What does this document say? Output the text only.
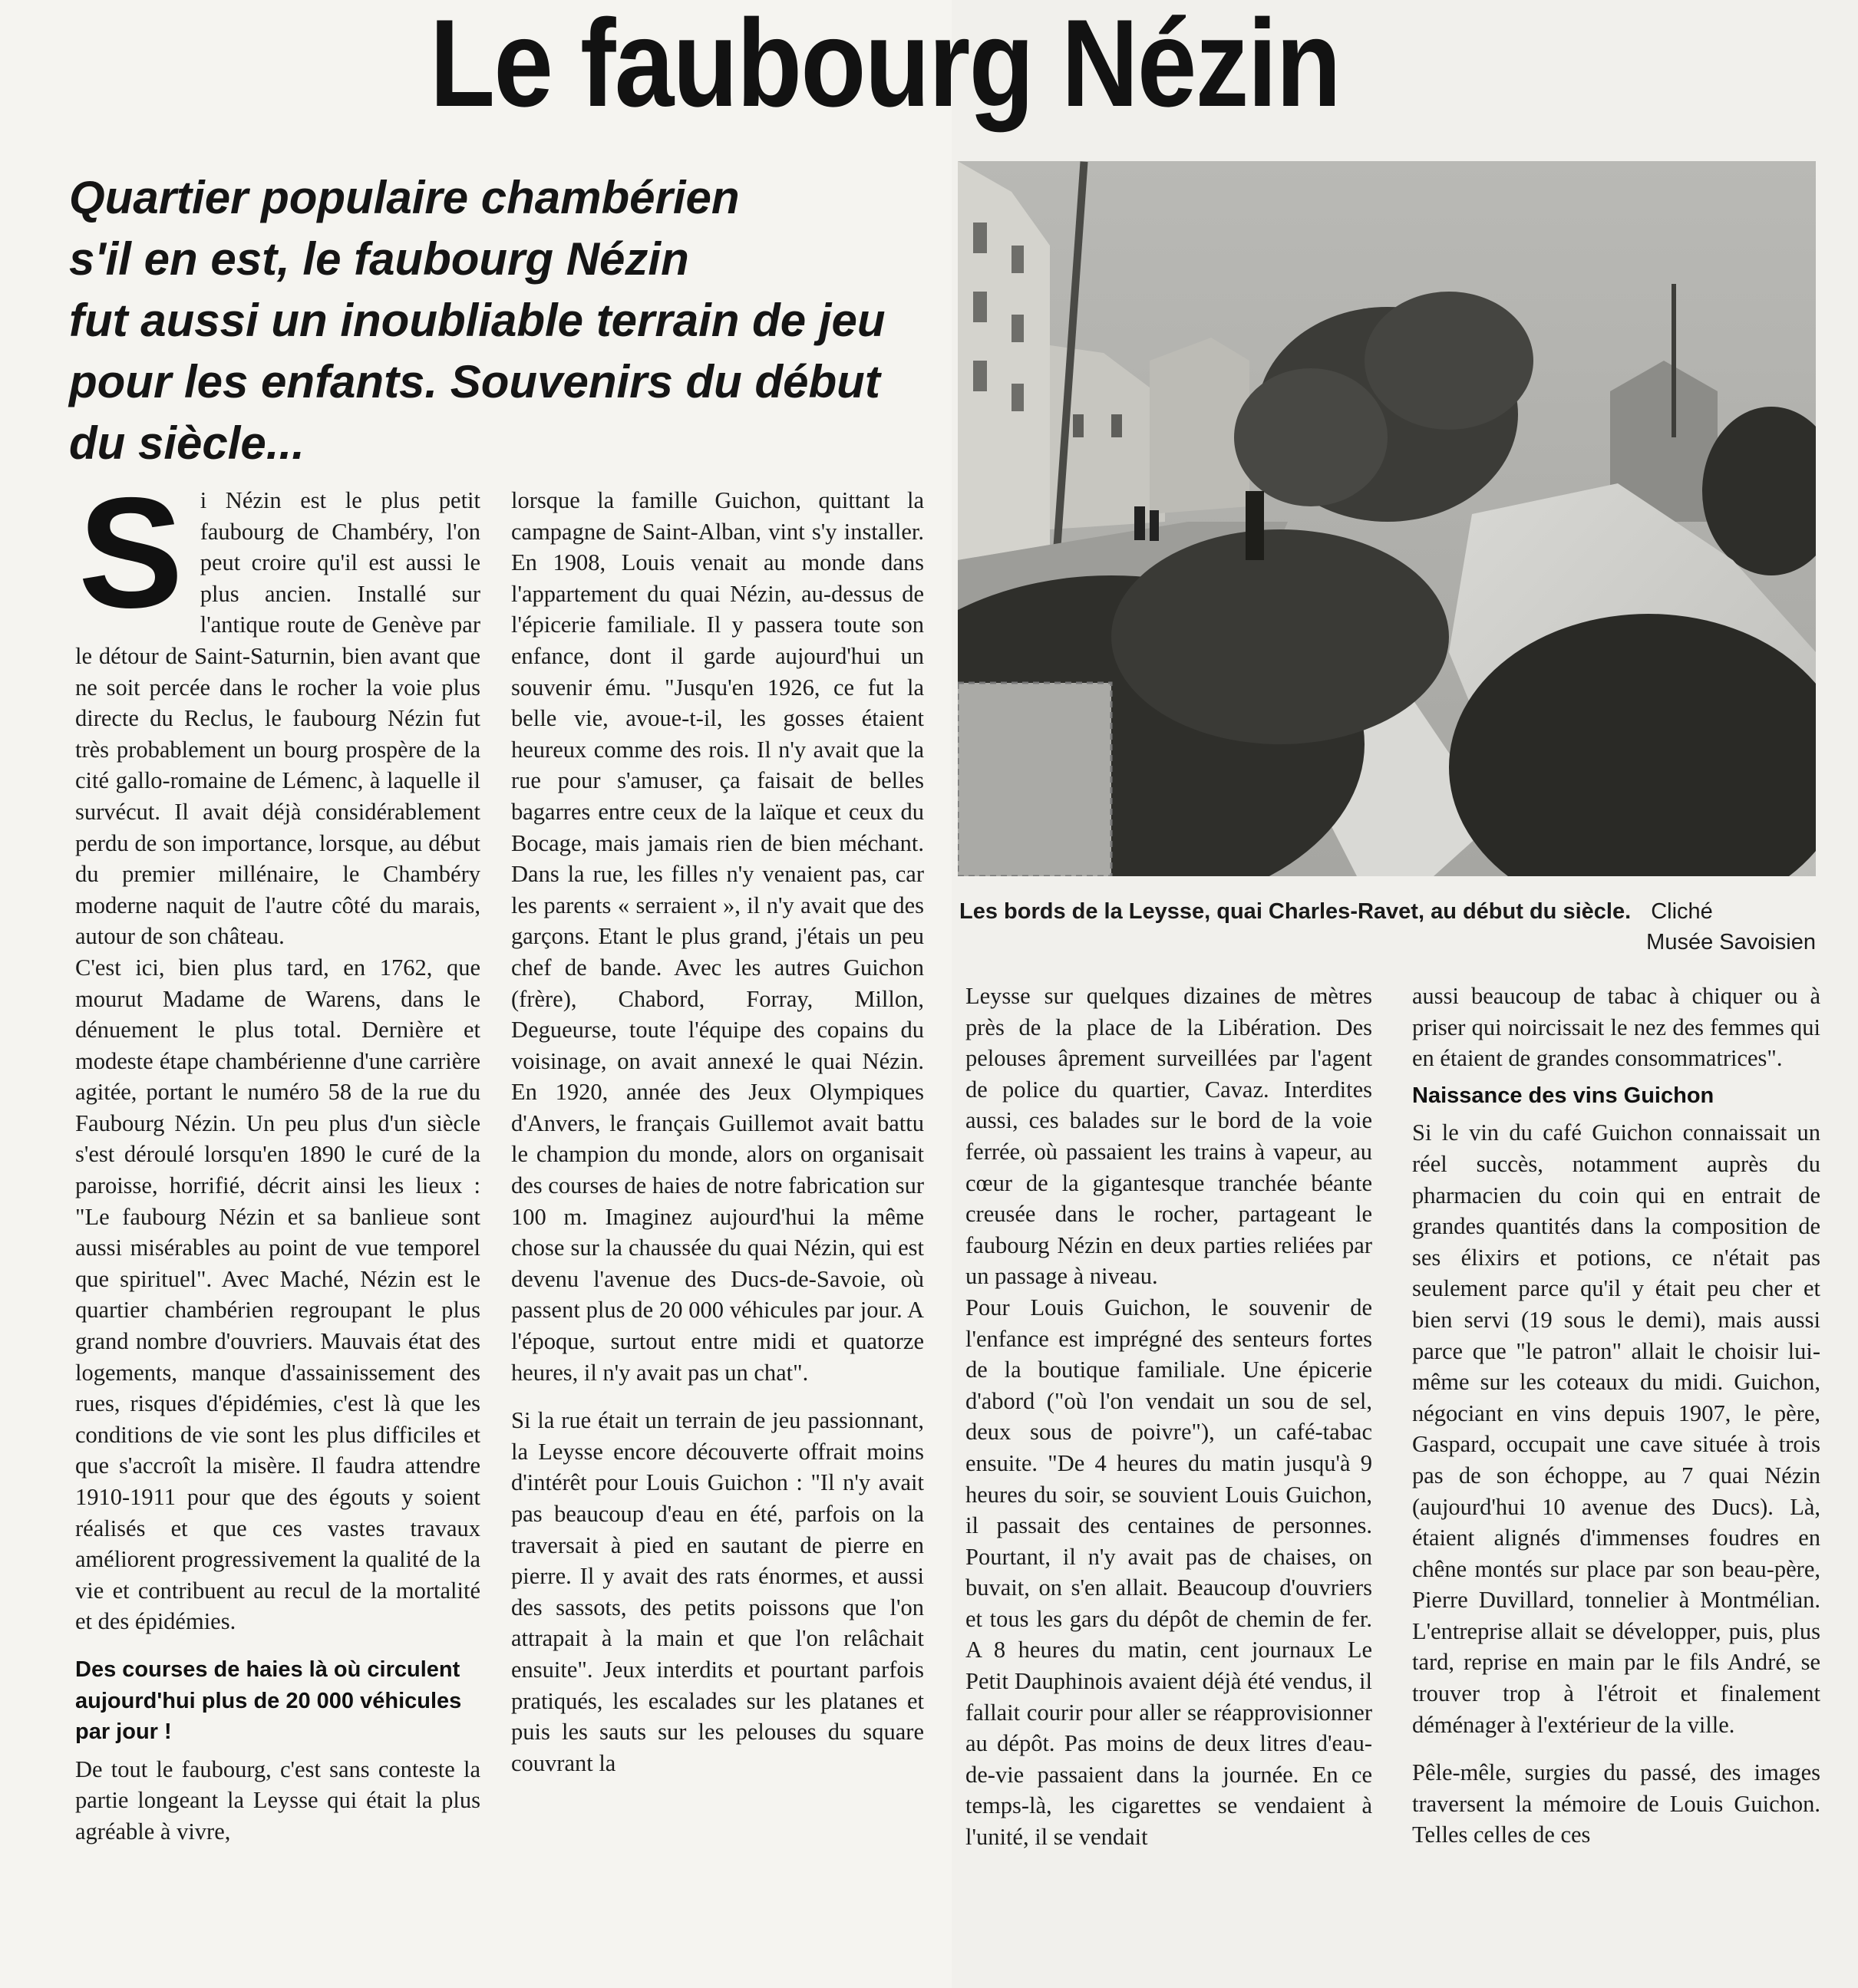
Le faubourg Nézin
Quartier populaire chambérien
s'il en est, le faubourg Nézin
fut aussi un inoubliable terrain de jeu
pour les enfants. Souvenirs du début
du siècle...
Les bords de la Leysse, quai Charles-Ravet, au début du siècle. Cliché
Musée Savoisien
S i Nézin est le plus petit faubourg de Chambéry, l'on peut croire qu'il est aussi le plus ancien. Installé sur l'antique route de Genève par le détour de Saint-Saturnin, bien avant que ne soit percée dans le rocher la voie plus directe du Reclus, le faubourg Nézin fut très probablement un bourg prospère de la cité gallo-romaine de Lémenc, à laquelle il survécut. Il avait déjà considérablement perdu de son importance, lorsque, au début du premier millénaire, le Chambéry moderne naquit de l'autre côté du marais, autour de son château.

C'est ici, bien plus tard, en 1762, que mourut Madame de Warens, dans le dénuement le plus total. Dernière et modeste étape chambérienne d'une carrière agitée, portant le numéro 58 de la rue du Faubourg Nézin. Un peu plus d'un siècle s'est déroulé lorsqu'en 1890 le curé de la paroisse, horrifié, décrit ainsi les lieux : "Le faubourg Nézin et sa banlieue sont aussi misérables au point de vue temporel que spirituel". Avec Maché, Nézin est le quartier chambérien regroupant le plus grand nombre d'ouvriers. Mauvais état des logements, manque d'assainissement des rues, risques d'épidémies, c'est là que les conditions de vie sont les plus difficiles et que s'accroît la misère. Il faudra attendre 1910-1911 pour que des égouts y soient réalisés et que ces vastes travaux améliorent progressivement la qualité de la vie et contribuent au recul de la mortalité et des épidémies.

Des courses de haies là où circulent aujourd'hui plus de 20 000 véhicules par jour !

De tout le faubourg, c'est sans conteste la partie longeant la Leysse qui était la plus agréable à vivre,

lorsque la famille Guichon, quittant la campagne de Saint-Alban, vint s'y installer. En 1908, Louis venait au monde dans l'appartement du quai Nézin, au-dessus de l'épicerie familiale. Il y passera toute son enfance, dont il garde aujourd'hui un souvenir ému. "Jusqu'en 1926, ce fut la belle vie, avoue-t-il, les gosses étaient heureux comme des rois. Il n'y avait que la rue pour s'amuser, ça faisait de belles bagarres entre ceux de la laïque et ceux du Bocage, mais jamais rien de bien méchant. Dans la rue, les filles n'y venaient pas, car les parents « serraient », il n'y avait que des garçons. Etant le plus grand, j'étais un peu chef de bande. Avec les autres Guichon (frère), Chabord, Forray, Millon, Degueurse, toute l'équipe des copains du voisinage, on avait annexé le quai Nézin. En 1920, année des Jeux Olympiques d'Anvers, le français Guillemot avait battu le champion du monde, alors on organisait des courses de haies de notre fabrication sur 100 m. Imaginez aujourd'hui la même chose sur la chaussée du quai Nézin, qui est devenu l'avenue des Ducs-de-Savoie, où passent plus de 20 000 véhicules par jour. A l'époque, surtout entre midi et quatorze heures, il n'y avait pas un chat".

Si la rue était un terrain de jeu passionnant, la Leysse encore découverte offrait moins d'intérêt pour Louis Guichon : "Il n'y avait pas beaucoup d'eau en été, parfois on la traversait à pied en sautant de pierre en pierre. Il y avait des rats énormes, et aussi des sassots, des petits poissons que l'on attrapait à la main et que l'on relâchait ensuite". Jeux interdits et pourtant parfois pratiqués, les escalades sur les platanes et puis les sauts sur les pelouses du square couvrant la

Leysse sur quelques dizaines de mètres près de la place de la Libération. Des pelouses âprement surveillées par l'agent de police du quartier, Cavaz. Interdites aussi, ces balades sur le bord de la voie ferrée, où passaient les trains à vapeur, au cœur de la gigantesque tranchée béante creusée dans le rocher, partageant le faubourg Nézin en deux parties reliées par un passage à niveau.

Pour Louis Guichon, le souvenir de l'enfance est imprégné des senteurs fortes de la boutique familiale. Une épicerie d'abord ("où l'on vendait un sou de sel, deux sous de poivre"), un café-tabac ensuite. "De 4 heures du matin jusqu'à 9 heures du soir, se souvient Louis Guichon, il passait des centaines de personnes. Pourtant, il n'y avait pas de chaises, on buvait, on s'en allait. Beaucoup d'ouvriers et tous les gars du dépôt de chemin de fer. A 8 heures du matin, cent journaux Le Petit Dauphinois avaient déjà été vendus, il fallait courir pour aller se réapprovisionner au dépôt. Pas moins de deux litres d'eau-de-vie passaient dans la journée. En ce temps-là, les cigarettes se vendaient à l'unité, il se vendait

aussi beaucoup de tabac à chiquer ou à priser qui noircissait le nez des femmes qui en étaient de grandes consommatrices".

Naissance des vins Guichon

Si le vin du café Guichon connaissait un réel succès, notamment auprès du pharmacien du coin qui en entrait de grandes quantités dans la composition de ses élixirs et potions, ce n'était pas seulement parce qu'il y était peu cher et bien servi (19 sous le demi), mais aussi parce que "le patron" allait le choisir lui-même sur les coteaux du midi. Guichon, négociant en vins depuis 1907, le père, Gaspard, occupait une cave située à trois pas de son échoppe, au 7 quai Nézin (aujourd'hui 10 avenue des Ducs). Là, étaient alignés d'immenses foudres en chêne montés sur place par son beau-père, Pierre Duvillard, tonnelier à Montmélian. L'entreprise allait se développer, puis, plus tard, reprise en main par le fils André, se trouver trop à l'étroit et finalement déménager à l'extérieur de la ville.

Pêle-mêle, surgies du passé, des images traversent la mémoire de Louis Guichon. Telles celles de ces
